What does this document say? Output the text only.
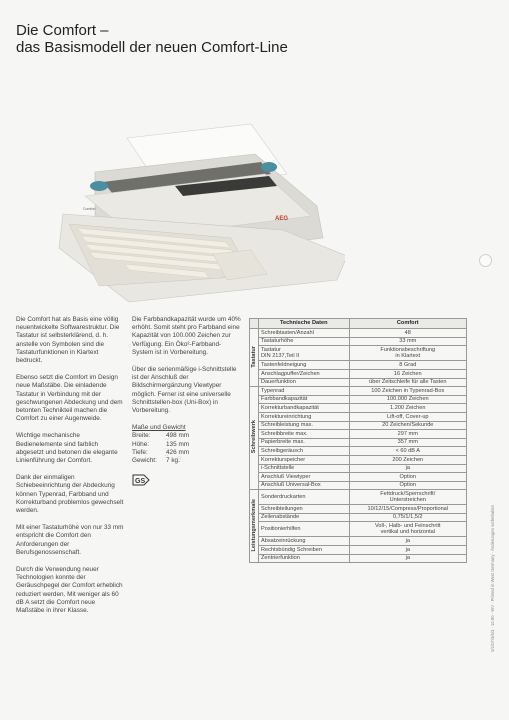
Die Comfort –
das Basismodell der neuen Comfort-Line
AEG
Comfort

Die Comfort hat als Basis eine völlig neuentwickelte Softwarestruktur. Die Tastatur ist selbsterklärend, d. h. anstelle von Symbolen sind die Tastaturfunktionen in Klartext bedruckt.

Ebenso setzt die Comfort im Design neue Maßstäbe. Die einladende Tastatur in Verbindung mit der geschwungenen Abdeckung und dem betonten Technikteil machen die Comfort zu einer Augenweide.

Wichtige mechanische Bedienelemente sind farblich abgesetzt und betonen die elegante Linienführung der Comfort.

Dank der einmaligen Schiebeeinrichtung der Abdeckung können Typenrad, Farbband und Korrekturband problemlos gewechselt werden.

Mit einer Tastaturhöhe von nur 33 mm entspricht die Comfort den Anforderungen der Berufsgenossenschaft.

Durch die Verwendung neuer Technologien konnte der Geräuschpegel der Comfort erheblich reduziert werden. Mit weniger als 60 dB A setzt die Comfort neue Maßstäbe in ihrer Klasse.

Die Farbbandkapazität wurde um 40% erhöht. Somit steht pro Farbband eine Kapazität von 100.000 Zeichen zur Verfügung. Ein Öko²-Farbband-System ist in Vorbereitung.

Über die serienmäßige i-Schnittstelle ist der Anschluß der Bildschirmergänzung Viewtyper möglich. Ferner ist eine universelle Schnittstellen-box (Uni-Box) in Vorbereitung.

Maße und Gewicht
Breite:	498 mm
Höhe:	135 mm
Tiefe:	426 mm
Gewicht:	7 kg.
GS
	Technische Daten	Comfort
Tastatur	Schreibtasten/Anzahl	48
	Tastaturhöhe	33 mm
	Tastatur
DIN 2137,Teil II	Funktionsbeschriftung
in Klartext
	Tastenfeldneigung	8 Grad
	Anschlagpuffer/Zeichen	16 Zeichen
	Dauerfunktion	über Zeitschleife für alle Tasten
Schreibwerk	Typenrad	100 Zeichen in Typenrad-Box
	Farbbandkapazität	100.000 Zeichen
	Korrekturbandkapazität	1.200 Zeichen
	Korrektureinrichtung	Lift-off, Cover-up
	Schreibleistung max.	20 Zeichen/Sekunde
	Schreibbreite max.	297 mm
	Papierbreite max.	357 mm
	Schreibgeräusch	< 60 dB A
	Korrekturspeicher	200 Zeichen
	i-Schnittstelle	ja
	Anschluß Viewtyper	Option
	Anschluß Universal-Box	Option
Leistungsmerkmale	Sonderdruckarten	Fettdruck/Sperrschrift/
Unterstreichen
	Schreibteilungen	10/12/15/Compress/Proportional
	Zeilenabstände	0,75/1/1,5/2
	Positionierhilfen	Voll-, Halb- und Feinschritt
vertikal und horizontal
	Absatzeinrückung	ja
	Rechtsbündig Schreiben	ja
	Zentrierfunktion	ja	5/1/07/3/6/3 · 10.90 · WV · Printed in West Germany · Änderungen vorbehalten
